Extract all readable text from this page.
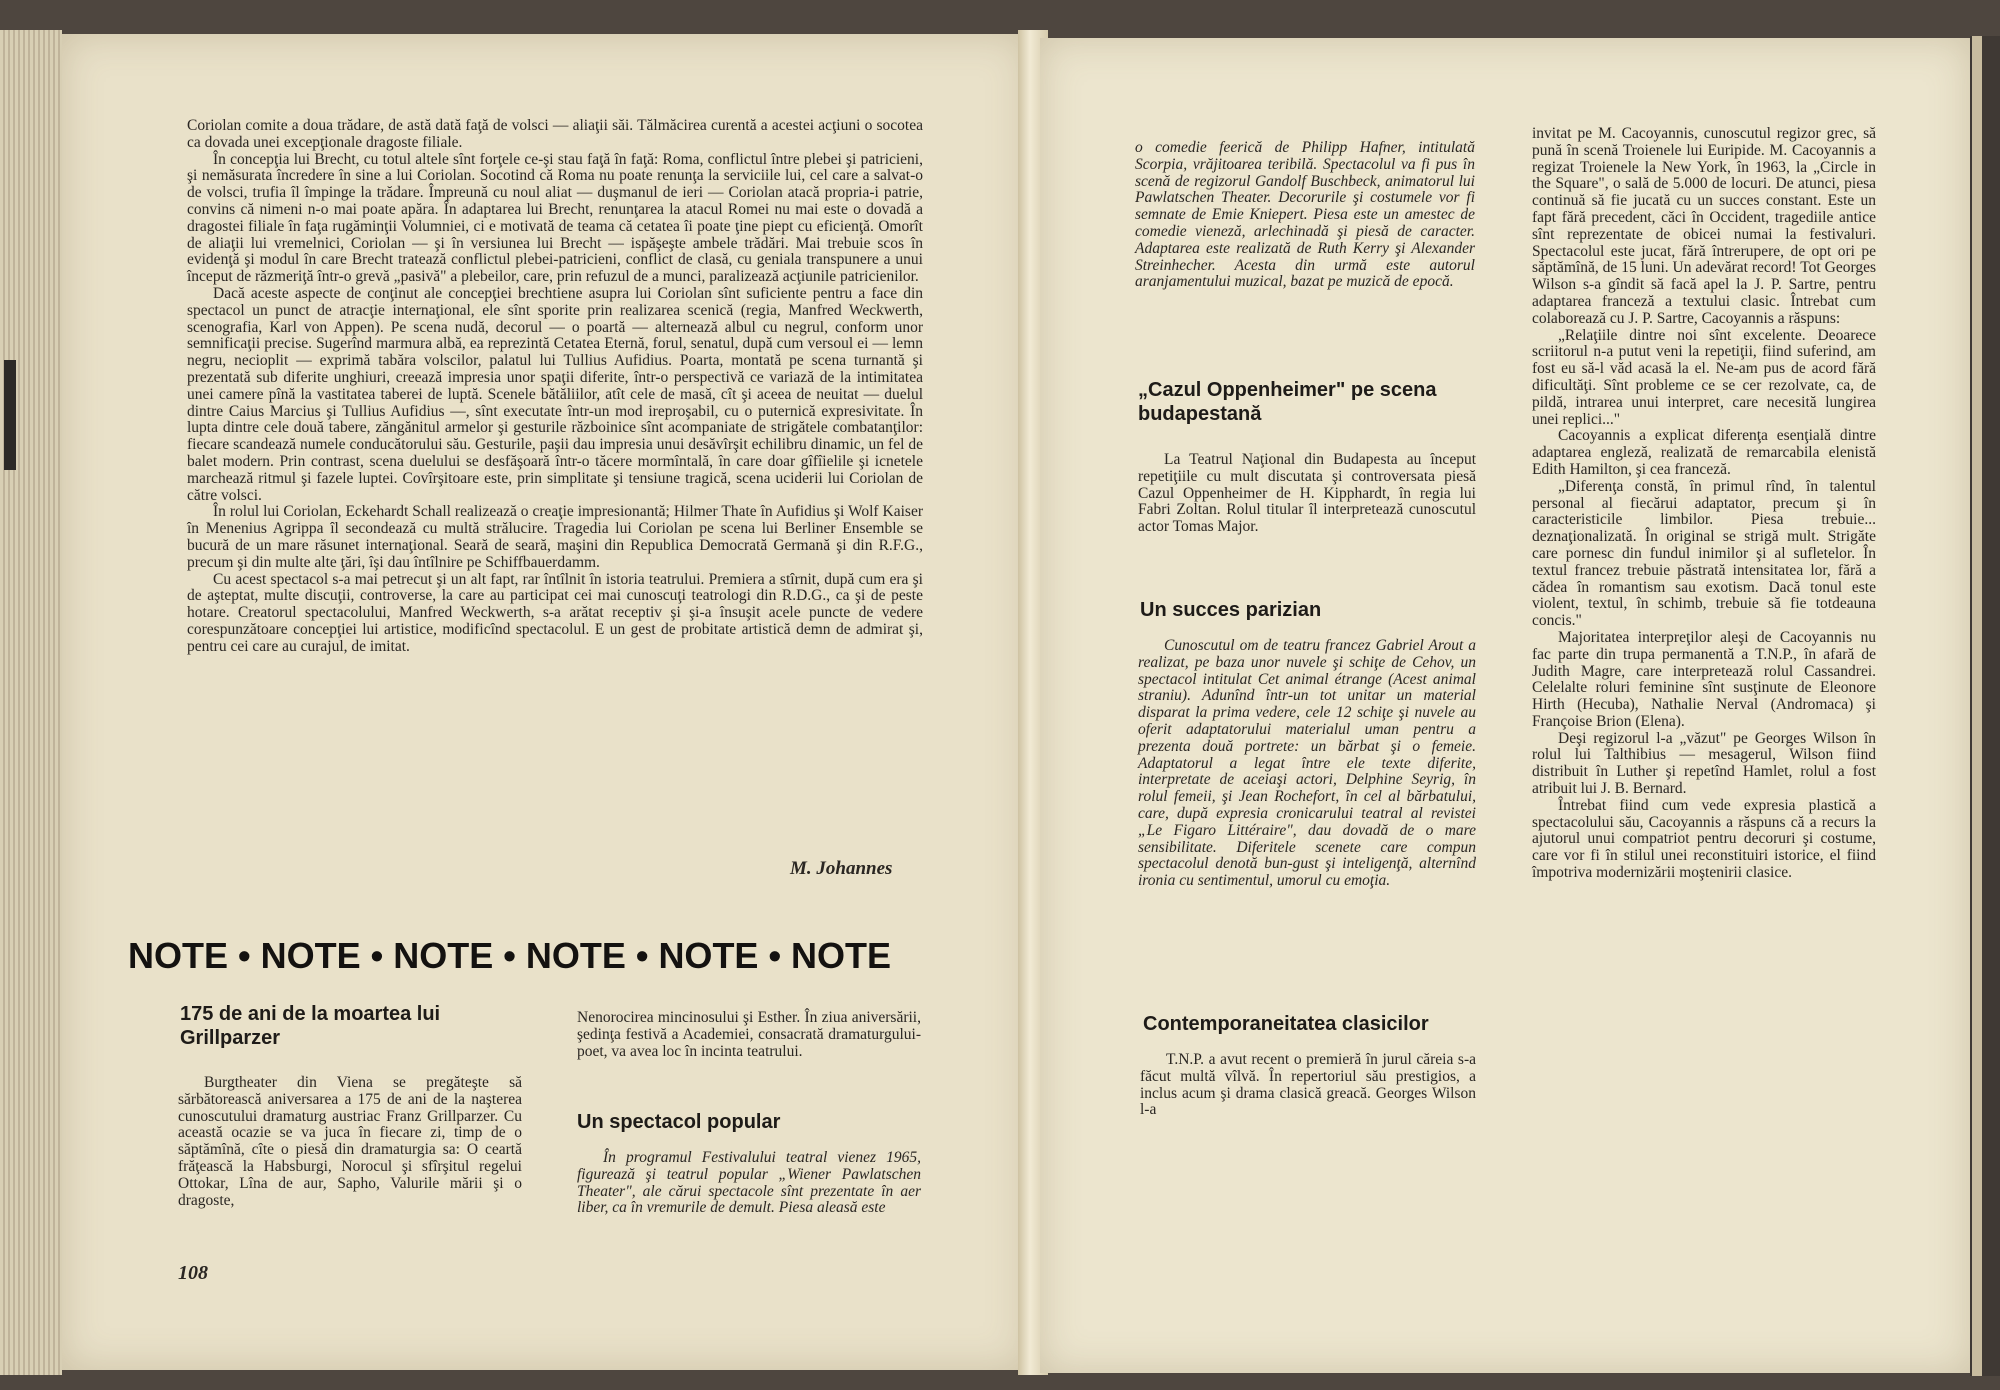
Coriolan comite a doua trădare, de astă dată faţă de volsci — aliaţii săi. Tălmăcirea curentă a acestei acţiuni o socotea ca dovada unei excepţionale dragoste filiale.

În concepţia lui Brecht, cu totul altele sînt forţele ce-şi stau faţă în faţă: Roma, conflictul între plebei şi patricieni, şi nemăsurata încredere în sine a lui Coriolan. Socotind că Roma nu poate renunţa la serviciile lui, cel care a salvat-o de volsci, trufia îl împinge la trădare. Împreună cu noul aliat — duşmanul de ieri — Coriolan atacă propria-i patrie, convins că nimeni n-o mai poate apăra. În adaptarea lui Brecht, renunţarea la atacul Romei nu mai este o dovadă a dragostei filiale în faţa rugăminţii Volumniei, ci e motivată de teama că cetatea îi poate ţine piept cu eficienţă. Omorît de aliaţii lui vremelnici, Coriolan — şi în versiunea lui Brecht — ispăşeşte ambele trădări. Mai trebuie scos în evidenţă şi modul în care Brecht tratează conflictul plebei-patricieni, conflict de clasă, cu geniala transpunere a unui început de răzmeriţă într-o grevă „pasivă" a plebeilor, care, prin refuzul de a munci, paralizează acţiunile patricienilor.

Dacă aceste aspecte de conţinut ale concepţiei brechtiene asupra lui Coriolan sînt suficiente pentru a face din spectacol un punct de atracţie internaţional, ele sînt sporite prin realizarea scenică (regia, Manfred Weckwerth, scenografia, Karl von Appen). Pe scena nudă, decorul — o poartă — alternează albul cu negrul, conform unor semnificaţii precise. Sugerînd marmura albă, ea reprezintă Cetatea Eternă, forul, senatul, după cum versoul ei — lemn negru, necioplit — exprimă tabăra volscilor, palatul lui Tullius Aufidius. Poarta, montată pe scena turnantă şi prezentată sub diferite unghiuri, creează impresia unor spaţii diferite, într-o perspectivă ce variază de la intimitatea unei camere pînă la vastitatea taberei de luptă. Scenele bătăliilor, atît cele de masă, cît şi aceea de neuitat — duelul dintre Caius Marcius şi Tullius Aufidius —, sînt executate într-un mod ireproşabil, cu o puternică expresivitate. În lupta dintre cele două tabere, zăngănitul armelor şi gesturile războinice sînt acompaniate de strigătele combatanţilor: fiecare scandează numele conducătorului său. Gesturile, paşii dau impresia unui desăvîrşit echilibru dinamic, un fel de balet modern. Prin contrast, scena duelului se desfăşoară într-o tăcere mormîntală, în care doar gîfîielile şi icnetele marchează ritmul şi fazele luptei. Covîrşitoare este, prin simplitate şi tensiune tragică, scena uciderii lui Coriolan de către volsci.

În rolul lui Coriolan, Eckehardt Schall realizează o creaţie impresionantă; Hilmer Thate în Aufidius şi Wolf Kaiser în Menenius Agrippa îl secondează cu multă strălucire. Tragedia lui Coriolan pe scena lui Berliner Ensemble se bucură de un mare răsunet internaţional. Seară de seară, maşini din Republica Democrată Germană şi din R.F.G., precum şi din multe alte ţări, îşi dau întîlnire pe Schiffbauerdamm.

Cu acest spectacol s-a mai petrecut şi un alt fapt, rar întîlnit în istoria teatrului. Premiera a stîrnit, după cum era şi de aşteptat, multe discuţii, controverse, la care au participat cei mai cunoscuţi teatrologi din R.D.G., ca şi de peste hotare. Creatorul spectacolului, Manfred Weckwerth, s-a arătat receptiv şi şi-a însuşit acele puncte de vedere corespunzătoare concepţiei lui artistice, modificînd spectacolul. E un gest de probitate artistică demn de admirat şi, pentru cei care au curajul, de imitat.

M. Johannes
NOTE • NOTE • NOTE • NOTE • NOTE • NOTE
175 de ani de la moartea lui Grillparzer

Burgtheater din Viena se pregăteşte să sărbătorească aniversarea a 175 de ani de la naşterea cunoscutului dramaturg austriac Franz Grillparzer. Cu această ocazie se va juca în fiecare zi, timp de o săptămînă, cîte o piesă din dramaturgia sa: O ceartă frăţească la Habsburgi, Norocul şi sfîrşitul regelui Ottokar, Lîna de aur, Sapho, Valurile mării şi o dragoste,

Nenorocirea mincinosului şi Esther. În ziua aniversării, şedinţa festivă a Academiei, consacrată dramaturgului-poet, va avea loc în incinta teatrului.

Un spectacol popular

În programul Festivalului teatral vienez 1965, figurează şi teatrul popular „Wiener Pawlatschen Theater", ale cărui spectacole sînt prezentate în aer liber, ca în vremurile de demult. Piesa aleasă este

108

o comedie feerică de Philipp Hafner, intitulată Scorpia, vrăjitoarea teribilă. Spectacolul va fi pus în scenă de regizorul Gandolf Buschbeck, animatorul lui Pawlatschen Theater. Decorurile şi costumele vor fi semnate de Emie Kniepert. Piesa este un amestec de comedie vieneză, arlechinadă şi piesă de caracter. Adaptarea este realizată de Ruth Kerry şi Alexander Streinhecher. Acesta din urmă este autorul aranjamentului muzical, bazat pe muzică de epocă.

„Cazul Oppenheimer" pe scena budapestană

La Teatrul Naţional din Budapesta au început repetiţiile cu mult discutata şi controversata piesă Cazul Oppenheimer de H. Kipphardt, în regia lui Fabri Zoltan. Rolul titular îl interpretează cunoscutul actor Tomas Major.

Un succes parizian

Cunoscutul om de teatru francez Gabriel Arout a realizat, pe baza unor nuvele şi schiţe de Cehov, un spectacol intitulat Cet animal étrange (Acest animal straniu). Adunînd într-un tot unitar un material disparat la prima vedere, cele 12 schiţe şi nuvele au oferit adaptatorului materialul uman pentru a prezenta două portrete: un bărbat şi o femeie. Adaptatorul a legat între ele texte diferite, interpretate de aceiaşi actori, Delphine Seyrig, în rolul femeii, şi Jean Rochefort, în cel al bărbatului, care, după expresia cronicarului teatral al revistei „Le Figaro Littéraire", dau dovadă de o mare sensibilitate. Diferitele scenete care compun spectacolul denotă bun-gust şi inteligenţă, alternînd ironia cu sentimentul, umorul cu emoţia.

Contemporaneitatea clasicilor

T.N.P. a avut recent o premieră în jurul căreia s-a făcut multă vîlvă. În repertoriul său prestigios, a inclus acum şi drama clasică greacă. Georges Wilson l-a

invitat pe M. Cacoyannis, cunoscutul regizor grec, să pună în scenă Troienele lui Euripide. M. Cacoyannis a regizat Troienele la New York, în 1963, la „Circle in the Square", o sală de 5.000 de locuri. De atunci, piesa continuă să fie jucată cu un succes constant. Este un fapt fără precedent, căci în Occident, tragediile antice sînt reprezentate de obicei numai la festivaluri. Spectacolul este jucat, fără întrerupere, de opt ori pe săptămînă, de 15 luni. Un adevărat record! Tot Georges Wilson s-a gîndit să facă apel la J. P. Sartre, pentru adaptarea franceză a textului clasic. Întrebat cum colaborează cu J. P. Sartre, Cacoyannis a răspuns:

„Relaţiile dintre noi sînt excelente. Deoarece scriitorul n-a putut veni la repetiţii, fiind suferind, am fost eu să-l văd acasă la el. Ne-am pus de acord fără dificultăţi. Sînt probleme ce se cer rezolvate, ca, de pildă, intrarea unui interpret, care necesită lungirea unei replici..."

Cacoyannis a explicat diferenţa esenţială dintre adaptarea engleză, realizată de remarcabila elenistă Edith Hamilton, şi cea franceză.

„Diferenţa constă, în primul rînd, în talentul personal al fiecărui adaptator, precum şi în caracteristicile limbilor. Piesa trebuie... deznaţionalizată. În original se strigă mult. Strigăte care pornesc din fundul inimilor şi al sufletelor. În textul francez trebuie păstrată intensitatea lor, fără a cădea în romantism sau exotism. Dacă tonul este violent, textul, în schimb, trebuie să fie totdeauna concis."

Majoritatea interpreţilor aleşi de Cacoyannis nu fac parte din trupa permanentă a T.N.P., în afară de Judith Magre, care interpretează rolul Cassandrei. Celelalte roluri feminine sînt susţinute de Eleonore Hirth (Hecuba), Nathalie Nerval (Andromaca) şi Françoise Brion (Elena).

Deşi regizorul l-a „văzut" pe Georges Wilson în rolul lui Talthibius — mesagerul, Wilson fiind distribuit în Luther şi repetînd Hamlet, rolul a fost atribuit lui J. B. Bernard.

Întrebat fiind cum vede expresia plastică a spectacolului său, Cacoyannis a răspuns că a recurs la ajutorul unui compatriot pentru decoruri şi costume, care vor fi în stilul unei reconstituiri istorice, el fiind împotriva modernizării moştenirii clasice.
